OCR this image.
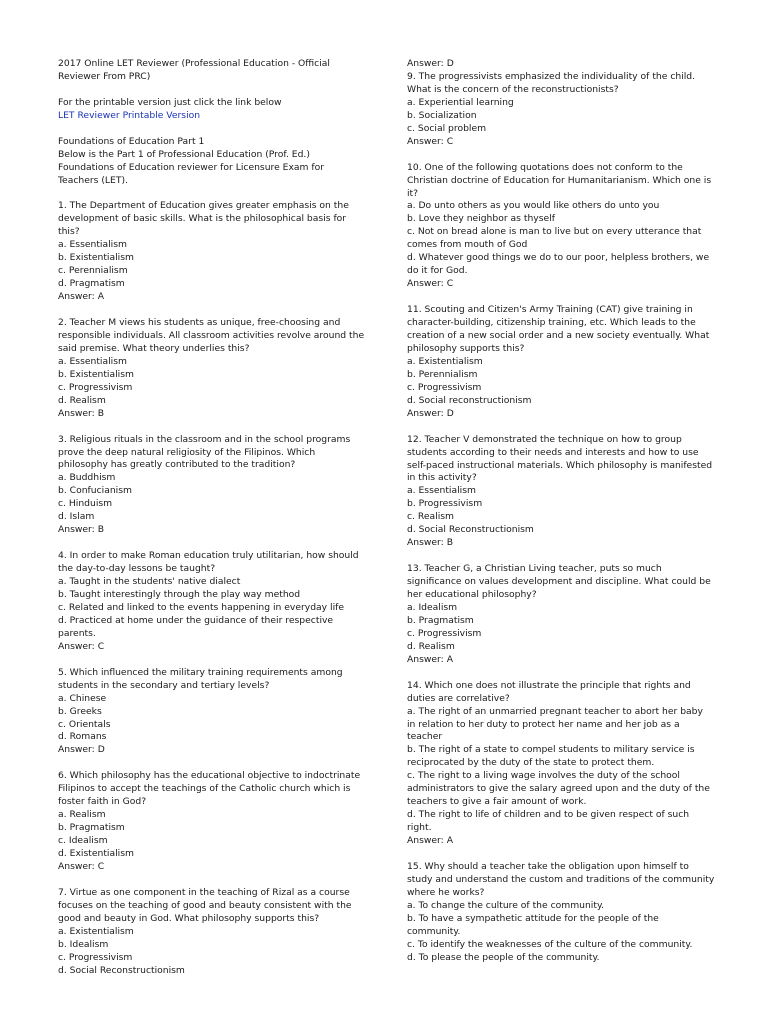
2017 Online LET Reviewer (Professional Education - Official
Reviewer From PRC)
For the printable version just click the link below
LET Reviewer Printable Version
Foundations of Education Part 1
Below is the Part 1 of Professional Education (Prof. Ed.)
Foundations of Education reviewer for Licensure Exam for
Teachers (LET).
1. The Department of Education gives greater emphasis on the
development of basic skills. What is the philosophical basis for
this?
a. Essentialism
b. Existentialism
c. Perennialism
d. Pragmatism
Answer: A
2. Teacher M views his students as unique, free-choosing and
responsible individuals. All classroom activities revolve around the
said premise. What theory underlies this?
a. Essentialism
b. Existentialism
c. Progressivism
d. Realism
Answer: B
3. Religious rituals in the classroom and in the school programs
prove the deep natural religiosity of the Filipinos. Which
philosophy has greatly contributed to the tradition?
a. Buddhism
b. Confucianism
c. Hinduism
d. Islam
Answer: B
4. In order to make Roman education truly utilitarian, how should
the day-to-day lessons be taught?
a. Taught in the students' native dialect
b. Taught interestingly through the play way method
c. Related and linked to the events happening in everyday life
d. Practiced at home under the guidance of their respective
parents.
Answer: C
5. Which influenced the military training requirements among
students in the secondary and tertiary levels?
a. Chinese
b. Greeks
c. Orientals
d. Romans
Answer: D
6. Which philosophy has the educational objective to indoctrinate
Filipinos to accept the teachings of the Catholic church which is
foster faith in God?
a. Realism
b. Pragmatism
c. Idealism
d. Existentialism
Answer: C
7. Virtue as one component in the teaching of Rizal as a course
focuses on the teaching of good and beauty consistent with the
good and beauty in God. What philosophy supports this?
a. Existentialism
b. Idealism
c. Progressivism
d. Social Reconstructionism
Answer: D
9. The progressivists emphasized the individuality of the child.
What is the concern of the reconstructionists?
a. Experiential learning
b. Socialization
c. Social problem
Answer: C
10. One of the following quotations does not conform to the
Christian doctrine of Education for Humanitarianism. Which one is
it?
a. Do unto others as you would like others do unto you
b. Love they neighbor as thyself
c. Not on bread alone is man to live but on every utterance that
comes from mouth of God
d. Whatever good things we do to our poor, helpless brothers, we
do it for God.
Answer: C
11. Scouting and Citizen's Army Training (CAT) give training in
character-building, citizenship training, etc. Which leads to the
creation of a new social order and a new society eventually. What
philosophy supports this?
a. Existentialism
b. Perennialism
c. Progressivism
d. Social reconstructionism
Answer: D
12. Teacher V demonstrated the technique on how to group
students according to their needs and interests and how to use
self-paced instructional materials. Which philosophy is manifested
in this activity?
a. Essentialism
b. Progressivism
c. Realism
d. Social Reconstructionism
Answer: B
13. Teacher G, a Christian Living teacher, puts so much
significance on values development and discipline. What could be
her educational philosophy?
a. Idealism
b. Pragmatism
c. Progressivism
d. Realism
Answer: A
14. Which one does not illustrate the principle that rights and
duties are correlative?
a. The right of an unmarried pregnant teacher to abort her baby
in relation to her duty to protect her name and her job as a
teacher
b. The right of a state to compel students to military service is
reciprocated by the duty of the state to protect them.
c. The right to a living wage involves the duty of the school
administrators to give the salary agreed upon and the duty of the
teachers to give a fair amount of work.
d. The right to life of children and to be given respect of such
right.
Answer: A
15. Why should a teacher take the obligation upon himself to
study and understand the custom and traditions of the community
where he works?
a. To change the culture of the community.
b. To have a sympathetic attitude for the people of the
community.
c. To identify the weaknesses of the culture of the community.
d. To please the people of the community.
